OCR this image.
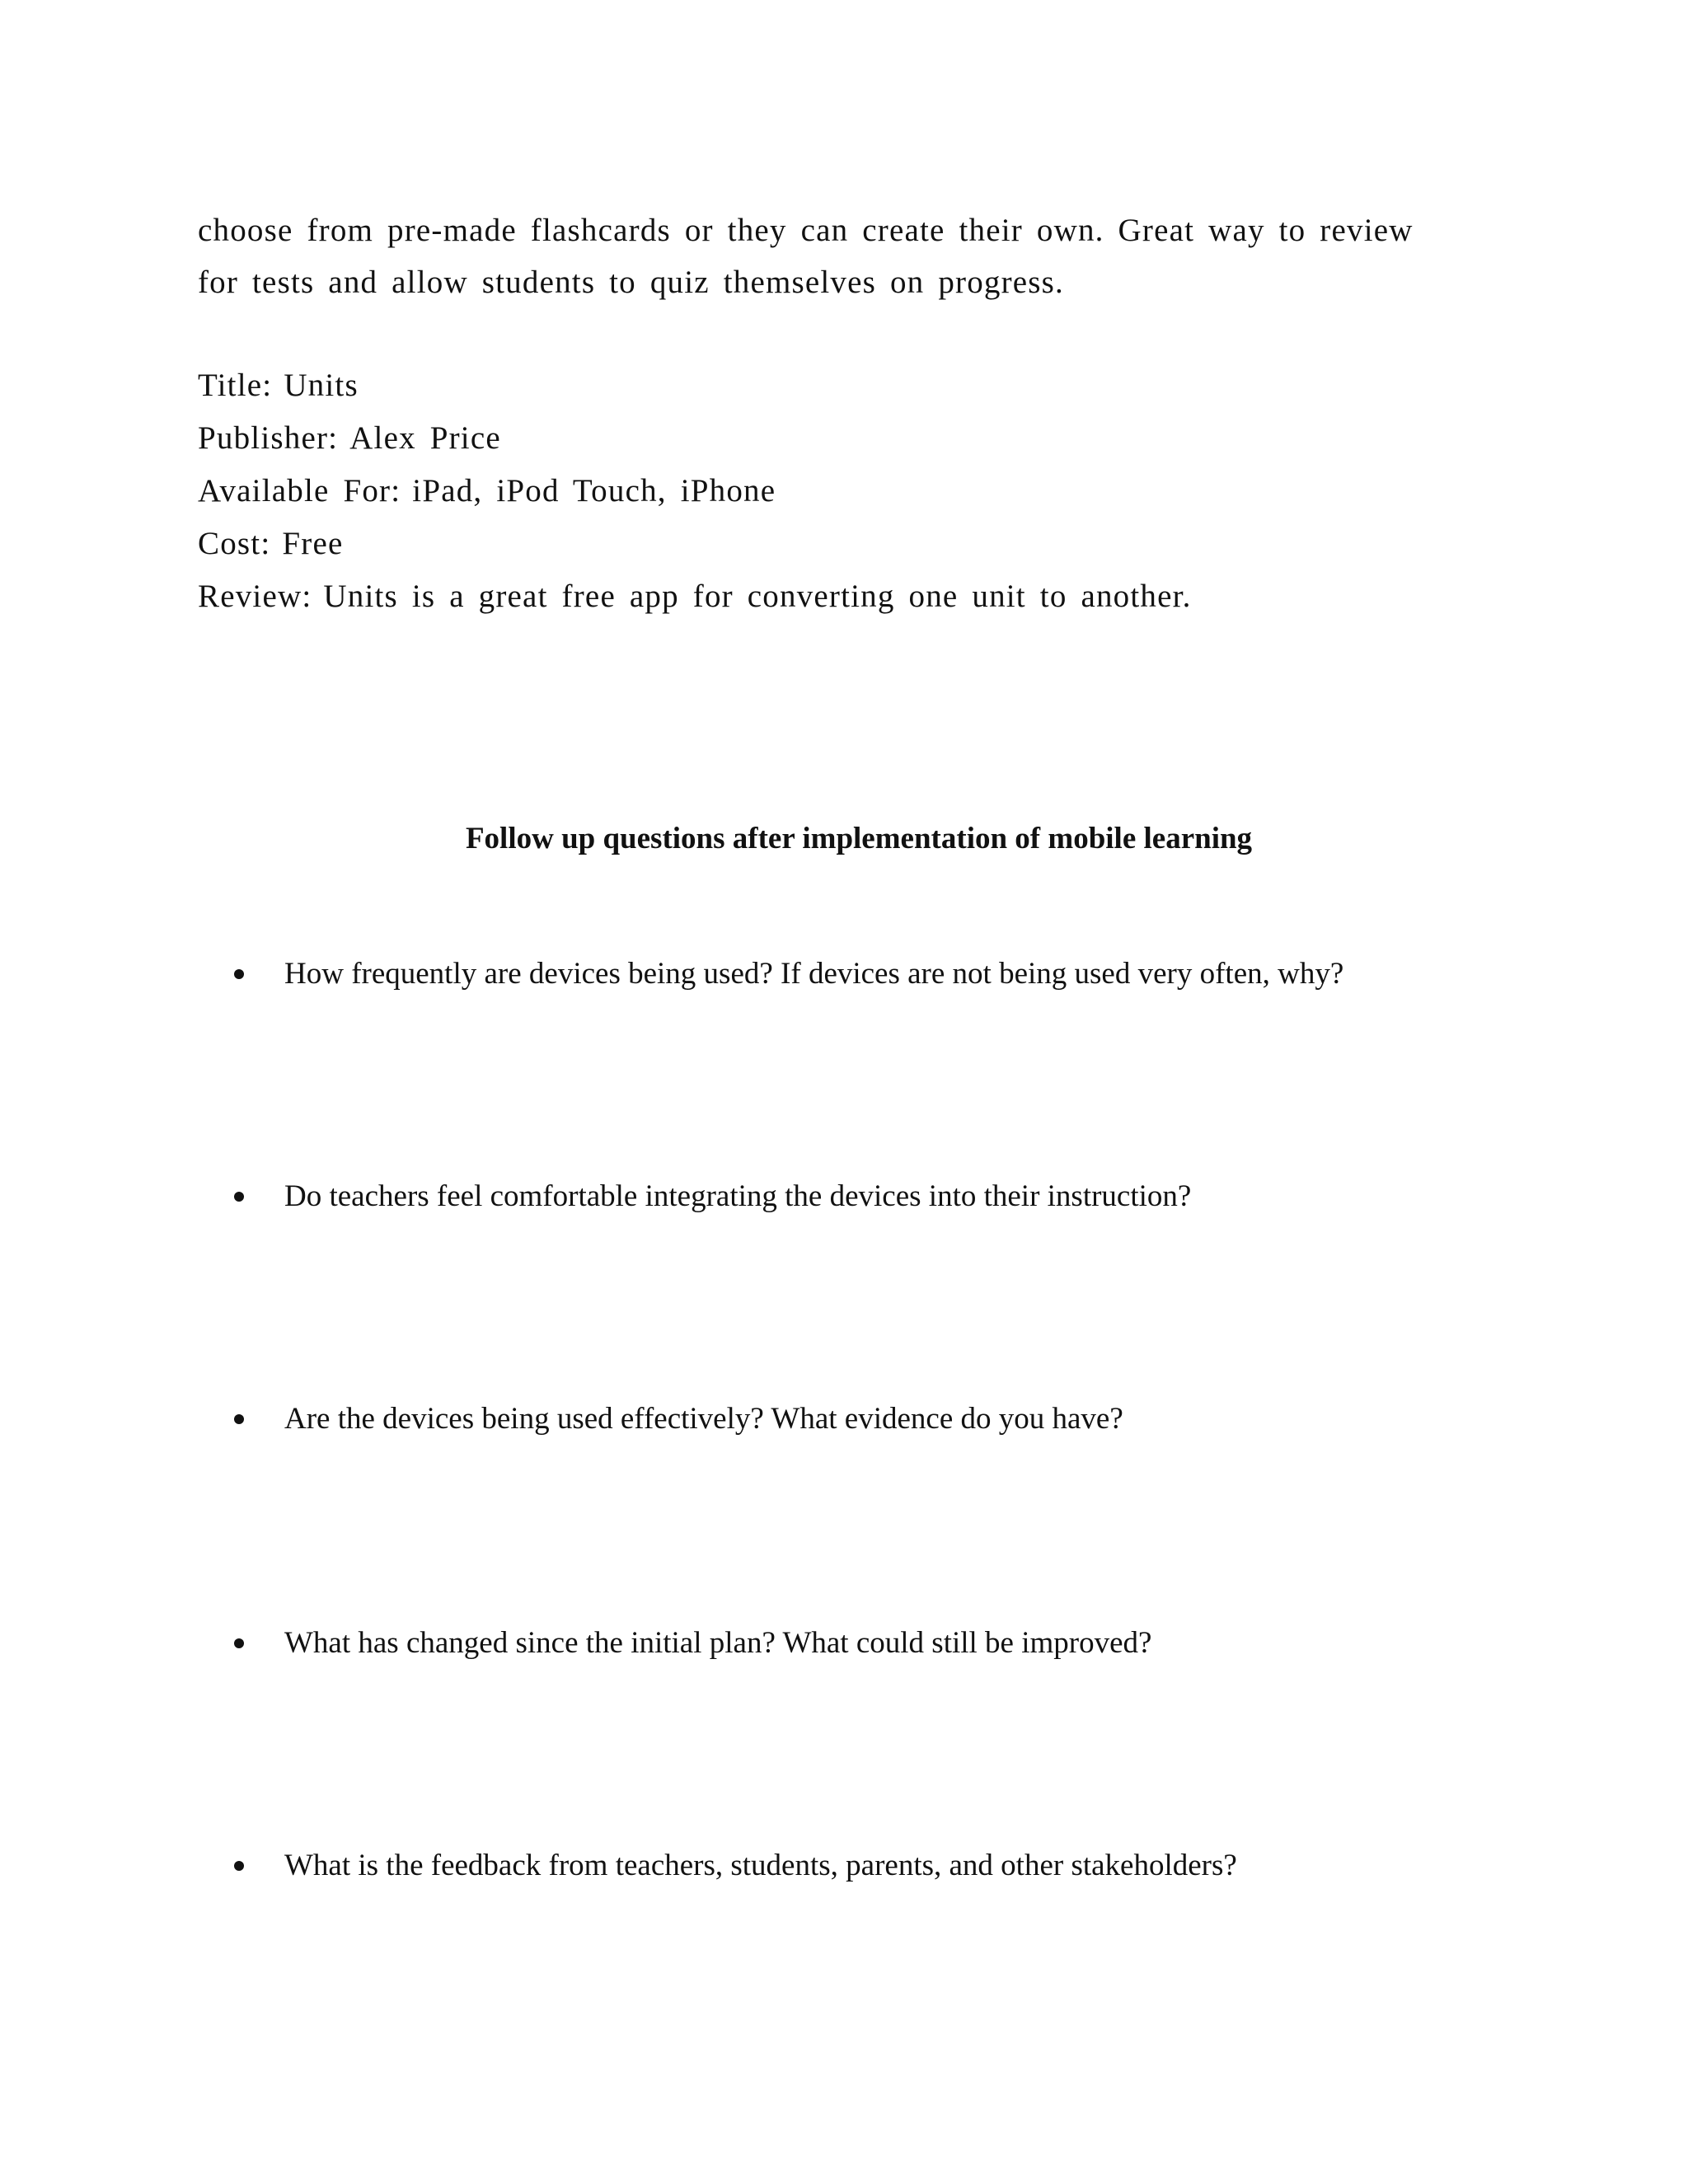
choose from pre-made flashcards or they can create their own. Great way to review
for tests and allow students to quiz themselves on progress.
Title: Units
Publisher: Alex Price
Available For: iPad, iPod Touch, iPhone
Cost: Free
Review: Units is a great free app for converting one unit to another.
Follow up questions after implementation of mobile learning
How frequently are devices being used? If devices are not being used very often, why?
Do teachers feel comfortable integrating the devices into their instruction?
Are the devices being used effectively? What evidence do you have?
What has changed since the initial plan? What could still be improved?
What is the feedback from teachers, students, parents, and other stakeholders?
